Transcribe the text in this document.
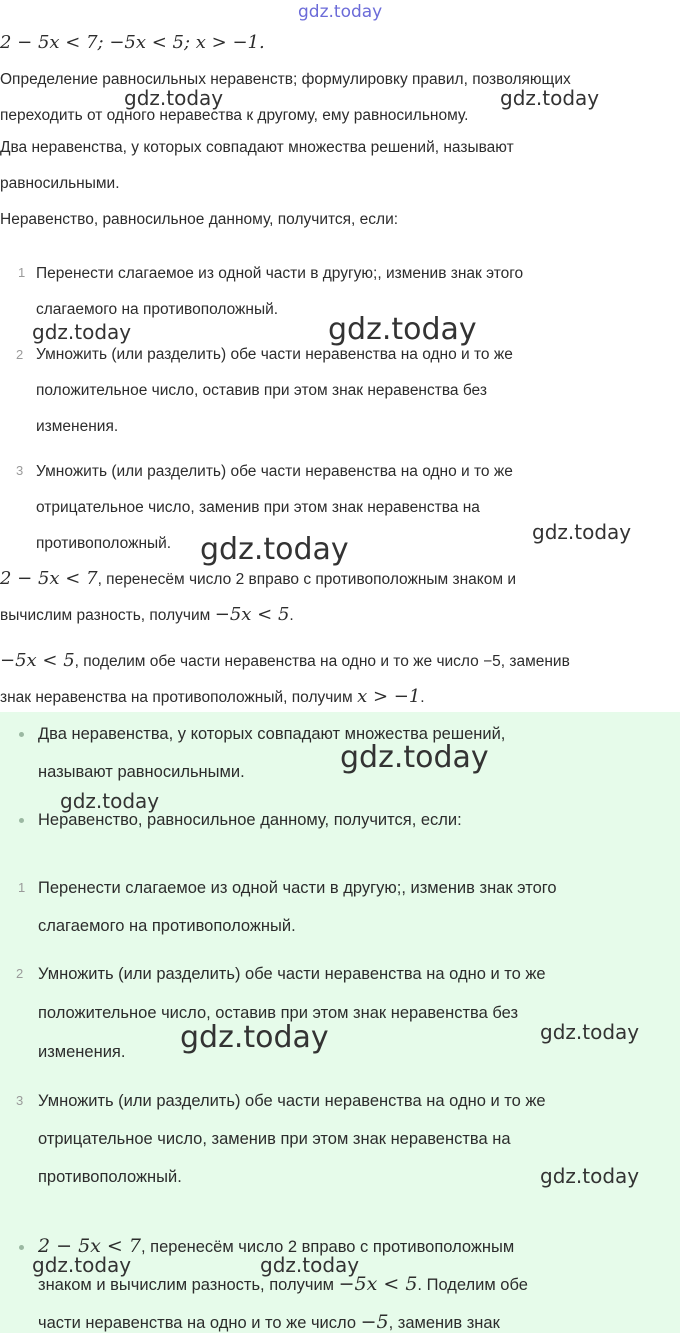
gdz.today
2 − 5x < 7; −5x < 5; x > −1.
Определение равносильных неравенств; формулировку правил, позволяющих
переходить от одного неравества к другому, ему равносильному.
Два неравенства, у которых совпадают множества решений, называют
равносильными.
Неравенство, равносильное данному, получится, если:
1 Перенести слагаемое из одной части в другую;, изменив знак этого
слагаемого на противоположный.
2 Умножить (или разделить) обе части неравенства на одно и то же
положительное число, оставив при этом знак неравенства без
изменения.
3 Умножить (или разделить) обе части неравенства на одно и то же
отрицательное число, заменив при этом знак неравенства на
противоположный.
2 − 5x < 7, перенесём число 2 вправо с противоположным знаком и
вычислим разность, получим −5x < 5.
−5x < 5, поделим обе части неравенства на одно и то же число −5, заменив
знак неравенства на противоположный, получим x > −1.
Два неравенства, у которых совпадают множества решений,
называют равносильными.
Неравенство, равносильное данному, получится, если:
1 Перенести слагаемое из одной части в другую;, изменив знак этого
слагаемого на противоположный.
2 Умножить (или разделить) обе части неравенства на одно и то же
положительное число, оставив при этом знак неравенства без
изменения.
3 Умножить (или разделить) обе части неравенства на одно и то же
отрицательное число, заменив при этом знак неравенства на
противоположный.
2 − 5x < 7, перенесём число 2 вправо с противоположным
знаком и вычислим разность, получим −5x < 5. Поделим обе
части неравенства на одно и то же число −5, заменив знак
gdz.today	gdz.today
gdz.today	gdz.today
gdz.today	gdz.today
gdz.today
gdz.today
gdz.today	gdz.today
gdz.today
gdz.today	gdz.today
